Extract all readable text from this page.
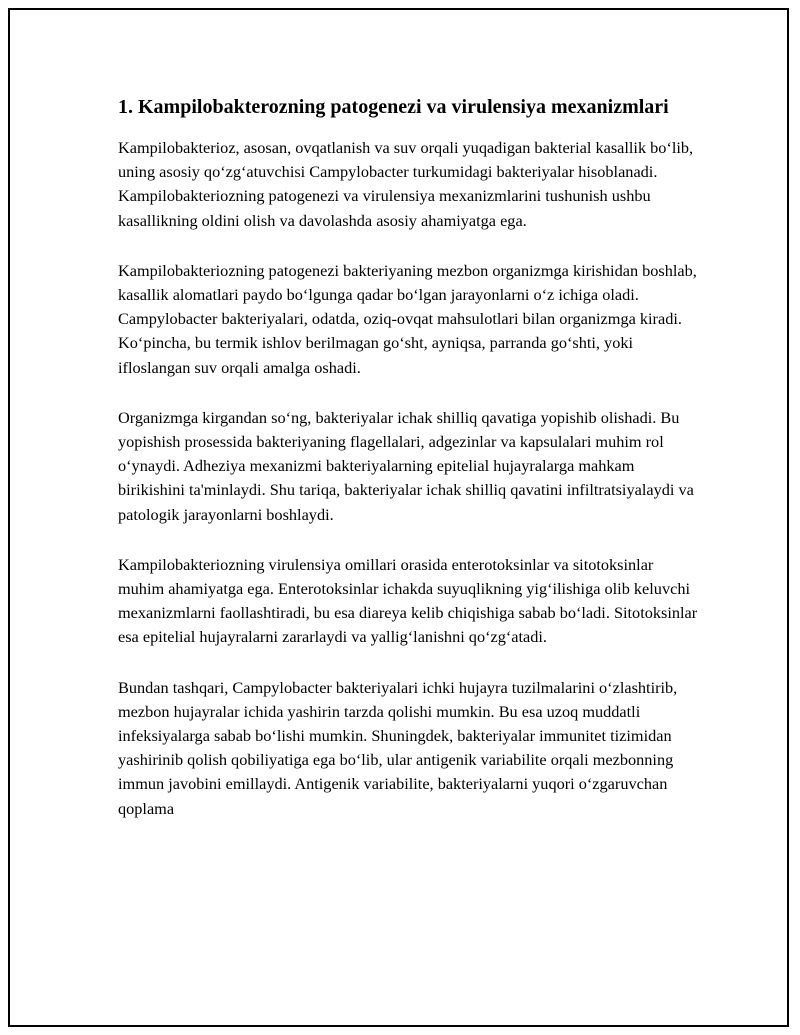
1. Kampilobakterozning patogenezi va virulensiya mexanizmlari

Kampilobakterioz, asosan, ovqatlanish va suv orqali yuqadigan bakterial kasallik bo‘lib, uning asosiy qo‘zg‘atuvchisi Campylobacter turkumidagi bakteriyalar hisoblanadi. Kampilobakteriozning patogenezi va virulensiya mexanizmlarini tushunish ushbu kasallikning oldini olish va davolashda asosiy ahamiyatga ega.

Kampilobakteriozning patogenezi bakteriyaning mezbon organizmga kirishidan boshlab, kasallik alomatlari paydo bo‘lgunga qadar bo‘lgan jarayonlarni o‘z ichiga oladi. Campylobacter bakteriyalari, odatda, oziq-ovqat mahsulotlari bilan organizmga kiradi. Ko‘pincha, bu termik ishlov berilmagan go‘sht, ayniqsa, parranda go‘shti, yoki ifloslangan suv orqali amalga oshadi.

Organizmga kirgandan so‘ng, bakteriyalar ichak shilliq qavatiga yopishib olishadi. Bu yopishish prosessida bakteriyaning flagellalari, adgezinlar va kapsulalari muhim rol o‘ynaydi. Adheziya mexanizmi bakteriyalarning epitelial hujayralarga mahkam birikishini ta'minlaydi. Shu tariqa, bakteriyalar ichak shilliq qavatini infiltratsiyalaydi va patologik jarayonlarni boshlaydi.

Kampilobakteriozning virulensiya omillari orasida enterotoksinlar va sitotoksinlar muhim ahamiyatga ega. Enterotoksinlar ichakda suyuqlikning yig‘ilishiga olib keluvchi mexanizmlarni faollashtiradi, bu esa diareya kelib chiqishiga sabab bo‘ladi. Sitotoksinlar esa epitelial hujayralarni zararlaydi va yallig‘lanishni qo‘zg‘atadi.

Bundan tashqari, Campylobacter bakteriyalari ichki hujayra tuzilmalarini o‘zlashtirib, mezbon hujayralar ichida yashirin tarzda qolishi mumkin. Bu esa uzoq muddatli infeksiyalarga sabab bo‘lishi mumkin. Shuningdek, bakteriyalar immunitet tizimidan yashirinib qolish qobiliyatiga ega bo‘lib, ular antigenik variabilite orqali mezbonning immun javobini emillaydi. Antigenik variabilite, bakteriyalarni yuqori o‘zgaruvchan qoplama
